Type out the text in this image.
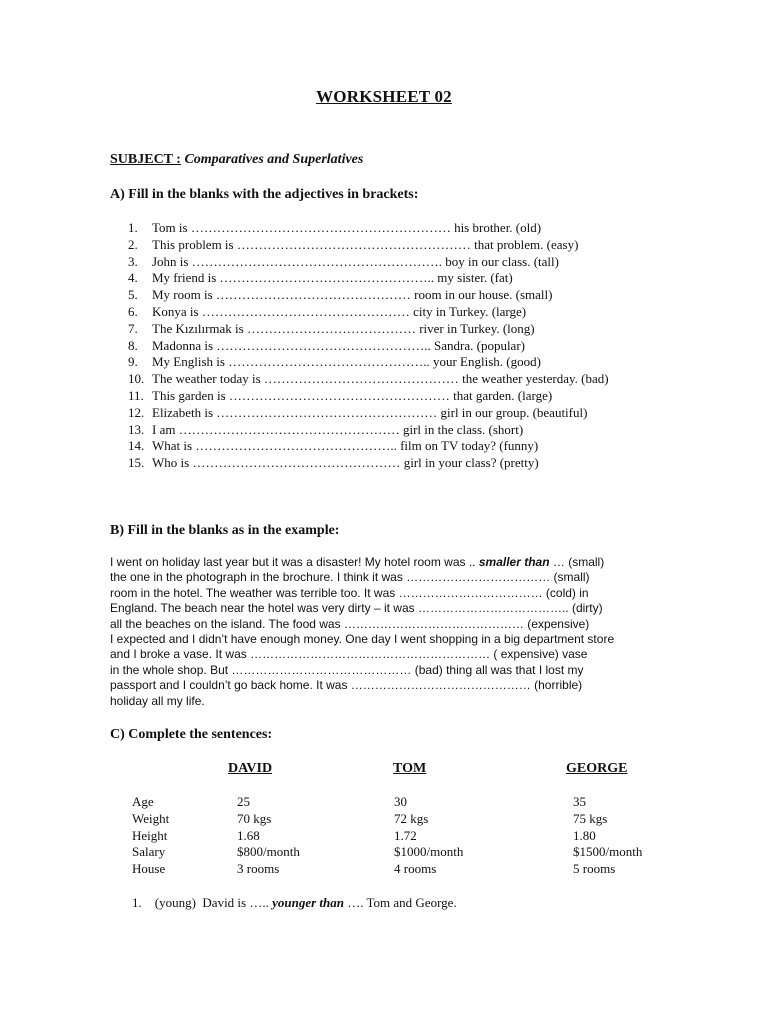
WORKSHEET 02
SUBJECT : Comparatives and Superlatives
A) Fill in the blanks with the adjectives in brackets:
1.	Tom is …………………………………………………… his brother. (old)
2.	This problem is ……………………………………………… that problem. (easy)
3.	John is …………………………………………………. boy in our class. (tall)
4.	My friend is ………………………………………….. my sister. (fat)
5.	My room is ……………………………………… room in our house. (small)
6.	Konya is ………………………………………… city in Turkey. (large)
7.	The Kızılırmak is ………………………………… river in Turkey. (long)
8.	Madonna is ………………………………………….. Sandra. (popular)
9.	My English is ……………………………………….. your English. (good)
10. The weather today is ……………………………………… the weather yesterday. (bad)
11. This garden is …………………………………………… that garden. (large)
12. Elizabeth is …………………………………………… girl in our group. (beautiful)
13. I am …………………………………………… girl in the class. (short)
14. What is ……………………………………….. film on TV today? (funny)
15. Who is ………………………………………… girl in your class? (pretty)
B) Fill in the blanks as in the example:

I went on holiday last year but it was a disaster! My hotel room was .. smaller than … (small)
the one in the photograph in the brochure. I think it was ……………………………… (small)
room in the hotel. The weather was terrible too. It was ……………………………… (cold) in
England. The beach near the hotel was very dirty – it was ……………………………….. (dirty)
all the beaches on the island. The food was ……………………………………… (expensive)
I expected and I didn’t have enough money. One day I went shopping in a big department store
and I broke a vase. It was …………………………………………………… ( expensive) vase
in the whole shop. But ……………………………………… (bad) thing all was that I lost my
passport and I couldn’t go back home. It was ……………………………………… (horrible)
holiday all my life.

C) Complete the sentences:
DAVID	TOM	GEORGE
Age	25	30	35
Weight	70 kgs	72 kgs	75 kgs
Height	1.68	1.72	1.80
Salary	$800/month	$1000/month	$1500/month
House	3 rooms	4 rooms	5 rooms
1.    (young)  David is ….. younger than …. Tom and George.
